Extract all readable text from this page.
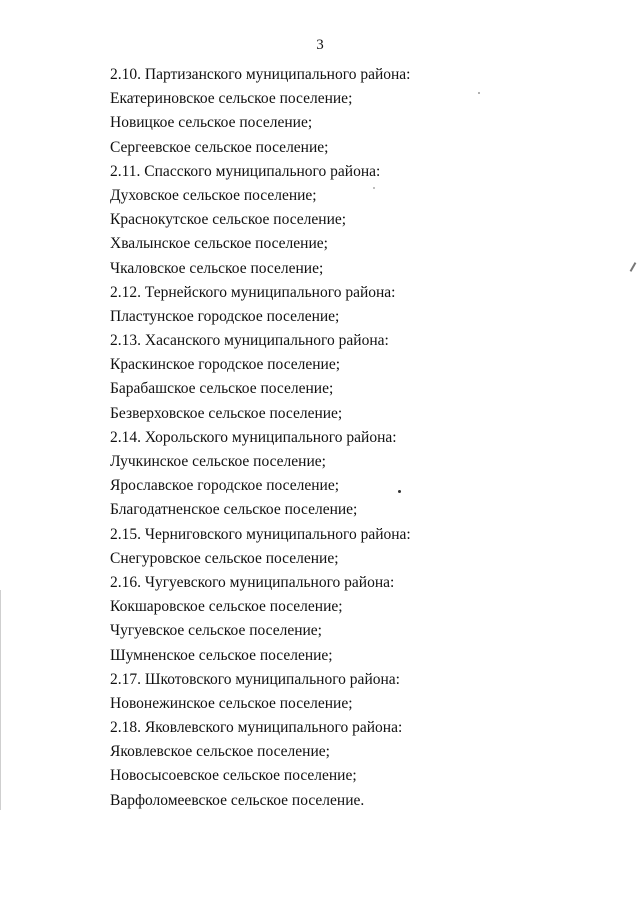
3
2.10. Партизанского муниципального района:
Екатериновское сельское поселение;
Новицкое сельское поселение;
Сергеевское сельское поселение;
2.11. Спасского муниципального района:
Духовское сельское поселение;
Краснокутское сельское поселение;
Хвалынское сельское поселение;
Чкаловское сельское поселение;
2.12. Тернейского муниципального района:
Пластунское городское поселение;
2.13. Хасанского муниципального района:
Краскинское городское поселение;
Барабашское сельское поселение;
Безверховское сельское поселение;
2.14. Хорольского муниципального района:
Лучкинское сельское поселение;
Ярославское городское поселение;
Благодатненское сельское поселение;
2.15. Черниговского муниципального района:
Снегуровское сельское поселение;
2.16. Чугуевского муниципального района:
Кокшаровское сельское поселение;
Чугуевское сельское поселение;
Шумненское сельское поселение;
2.17. Шкотовского муниципального района:
Новонежинское сельское поселение;
2.18. Яковлевского муниципального района:
Яковлевское сельское поселение;
Новосысоевское сельское поселение;
Варфоломеевское сельское поселение.
